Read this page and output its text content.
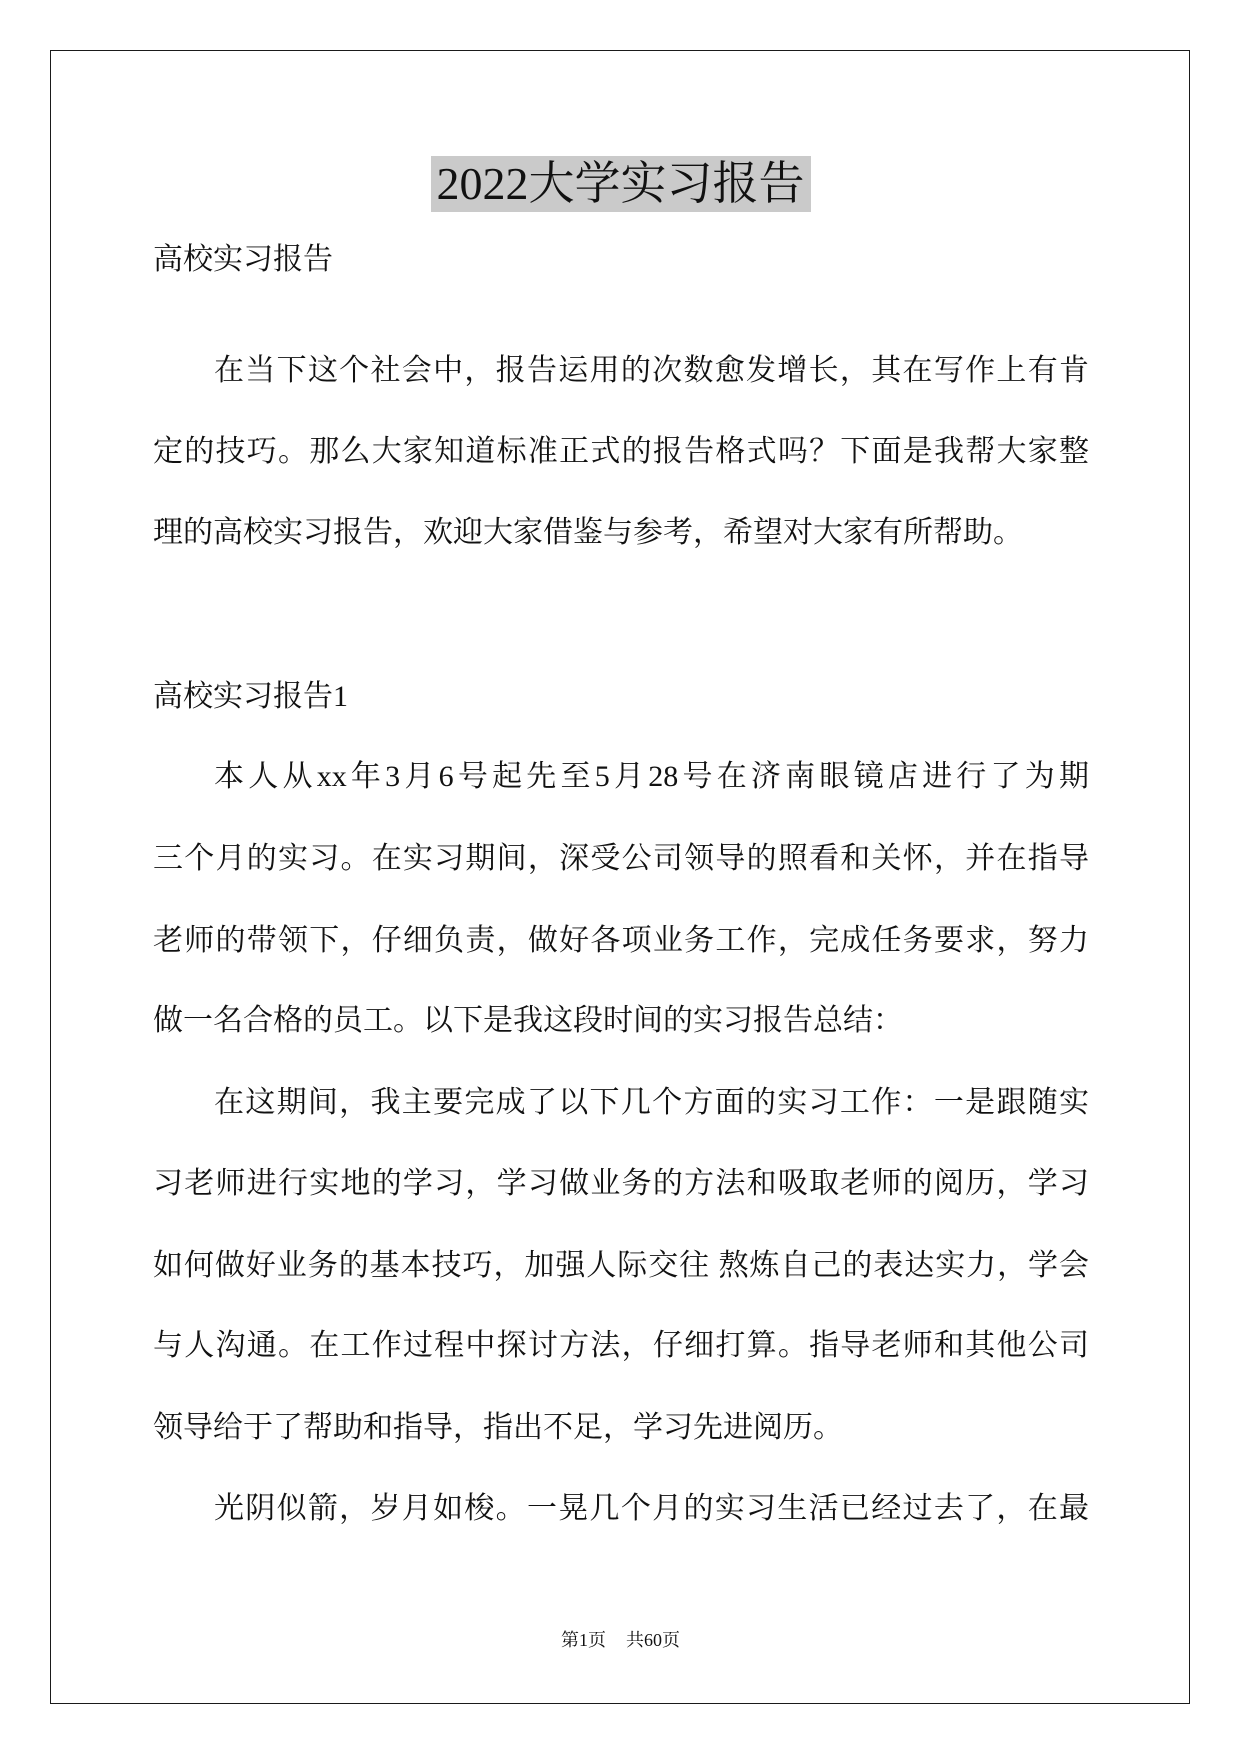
2022大学实习报告
高校实习报告
在当下这个社会中，报告运用的次数愈发增长，其在写作上有肯
定的技巧。那么大家知道标准正式的报告格式吗？下面是我帮大家整
理的高校实习报告，欢迎大家借鉴与参考，希望对大家有所帮助。
高校实习报告1
本人从xx年3月6号起先至5月28号在济南眼镜店进行了为期
三个月的实习。在实习期间，深受公司领导的照看和关怀，并在指导
老师的带领下，仔细负责，做好各项业务工作，完成任务要求，努力
做一名合格的员工。以下是我这段时间的实习报告总结：
在这期间，我主要完成了以下几个方面的实习工作：一是跟随实
习老师进行实地的学习，学习做业务的方法和吸取老师的阅历，学习
如何做好业务的基本技巧，加强人际交往 熬炼自己的表达实力，学会
与人沟通。在工作过程中探讨方法，仔细打算。指导老师和其他公司
领导给于了帮助和指导，指出不足，学习先进阅历。
光阴似箭，岁月如梭。一晃几个月的实习生活已经过去了，在最
第1页 共60页
